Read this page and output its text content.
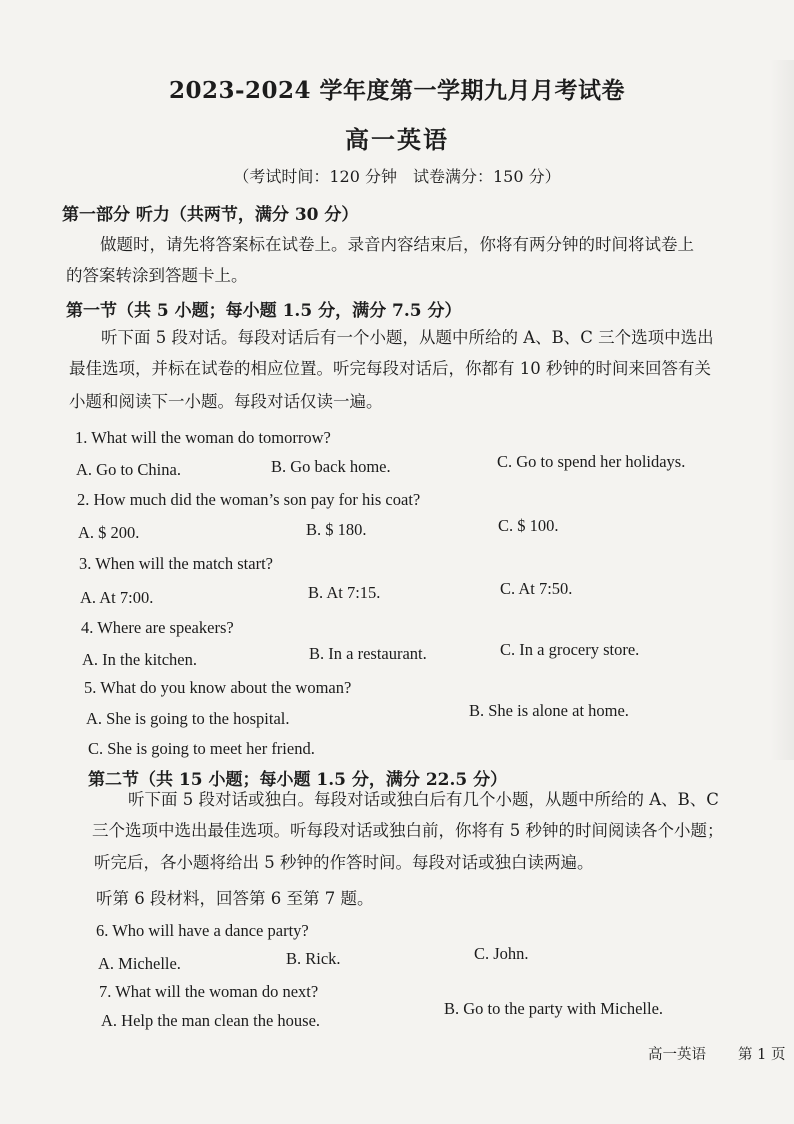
2023-2024 学年度第一学期九月月考试卷
高一英语
（考试时间：120 分钟　试卷满分：150 分）
第一部分 听力（共两节，满分 30 分）
做题时，请先将答案标在试卷上。录音内容结束后，你将有两分钟的时间将试卷上
的答案转涂到答题卡上。
第一节（共 5 小题；每小题 1.5 分，满分 7.5 分）
听下面 5 段对话。每段对话后有一个小题，从题中所给的 A、B、C 三个选项中选出
最佳选项，并标在试卷的相应位置。听完每段对话后，你都有 10 秒钟的时间来回答有关
小题和阅读下一小题。每段对话仅读一遍。
1. What will the woman do tomorrow?
A. Go to China.	B. Go back home.	C. Go to spend her holidays.
2. How much did the woman’s son pay for his coat?
A. $ 200.	B. $ 180.	C. $ 100.
3. When will the match start?
A. At 7:00.	B. At 7:15.	C. At 7:50.
4. Where are speakers?
A. In the kitchen.	B. In a restaurant.	C. In a grocery store.
5. What do you know about the woman?
A. She is going to the hospital.	B. She is alone at home.
C. She is going to meet her friend.
第二节（共 15 小题；每小题 1.5 分，满分 22.5 分）
听下面 5 段对话或独白。每段对话或独白后有几个小题，从题中所给的 A、B、C
三个选项中选出最佳选项。听每段对话或独白前，你将有 5 秒钟的时间阅读各个小题；
听完后，各小题将给出 5 秒钟的作答时间。每段对话或独白读两遍。
听第 6 段材料，回答第 6 至第 7 题。
6. Who will have a dance party?
A. Michelle.	B. Rick.	C. John.
7. What will the woman do next?
A. Help the man clean the house.
B. Go to the party with Michelle.
高一英语 第 1 页
